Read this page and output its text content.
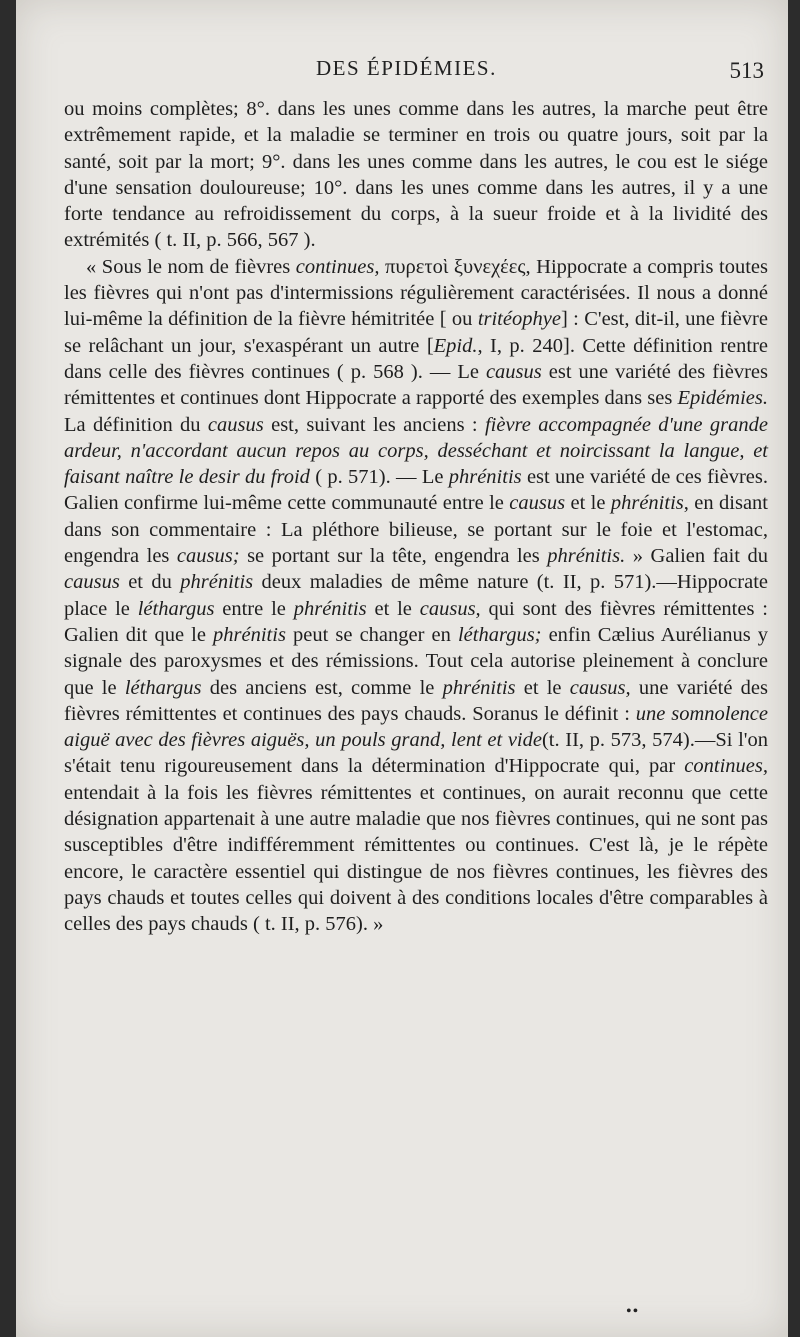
DES ÉPIDÉMIES.	513

ou moins complètes; 8°. dans les unes comme dans les autres, la marche peut être extrêmement rapide, et la maladie se terminer en trois ou quatre jours, soit par la santé, soit par la mort; 9°. dans les unes comme dans les autres, le cou est le siége d'une sensation douloureuse; 10°. dans les unes comme dans les autres, il y a une forte tendance au refroidissement du corps, à la sueur froide et à la lividité des extrémités ( t. II, p. 566, 567 ).

« Sous le nom de fièvres continues, πυρετοὶ ξυνεχέες, Hippocrate a compris toutes les fièvres qui n'ont pas d'intermissions régulièrement caractérisées. Il nous a donné lui-même la définition de la fièvre hémitritée [ ou tritéophye] : C'est, dit-il, une fièvre se relâchant un jour, s'exaspérant un autre [Epid., I, p. 240]. Cette définition rentre dans celle des fièvres continues ( p. 568 ). — Le causus est une variété des fièvres rémittentes et continues dont Hippocrate a rapporté des exemples dans ses Epidémies. La définition du causus est, suivant les anciens : fièvre accompagnée d'une grande ardeur, n'accordant aucun repos au corps, desséchant et noircissant la langue, et faisant naître le desir du froid ( p. 571). — Le phrénitis est une variété de ces fièvres. Galien confirme lui-même cette communauté entre le causus et le phrénitis, en disant dans son commentaire : La pléthore bilieuse, se portant sur le foie et l'estomac, engendra les causus; se portant sur la tête, engendra les phrénitis. » Galien fait du causus et du phrénitis deux maladies de même nature (t. II, p. 571).—Hippocrate place le léthargus entre le phrénitis et le causus, qui sont des fièvres rémittentes : Galien dit que le phrénitis peut se changer en léthargus; enfin Cælius Aurélianus y signale des paroxysmes et des rémissions. Tout cela autorise pleinement à conclure que le léthargus des anciens est, comme le phrénitis et le causus, une variété des fièvres rémittentes et continues des pays chauds. Soranus le définit : une somnolence aiguë avec des fièvres aiguës, un pouls grand, lent et vide(t. II, p. 573, 574).—Si l'on s'était tenu rigoureusement dans la détermination d'Hippocrate qui, par continues, entendait à la fois les fièvres rémittentes et continues, on aurait reconnu que cette désignation appartenait à une autre maladie que nos fièvres continues, qui ne sont pas susceptibles d'être indifféremment rémittentes ou continues. C'est là, je le répète encore, le caractère essentiel qui distingue de nos fièvres continues, les fièvres des pays chauds et toutes celles qui doivent à des conditions locales d'être comparables à celles des pays chauds ( t. II, p. 576). »

••
